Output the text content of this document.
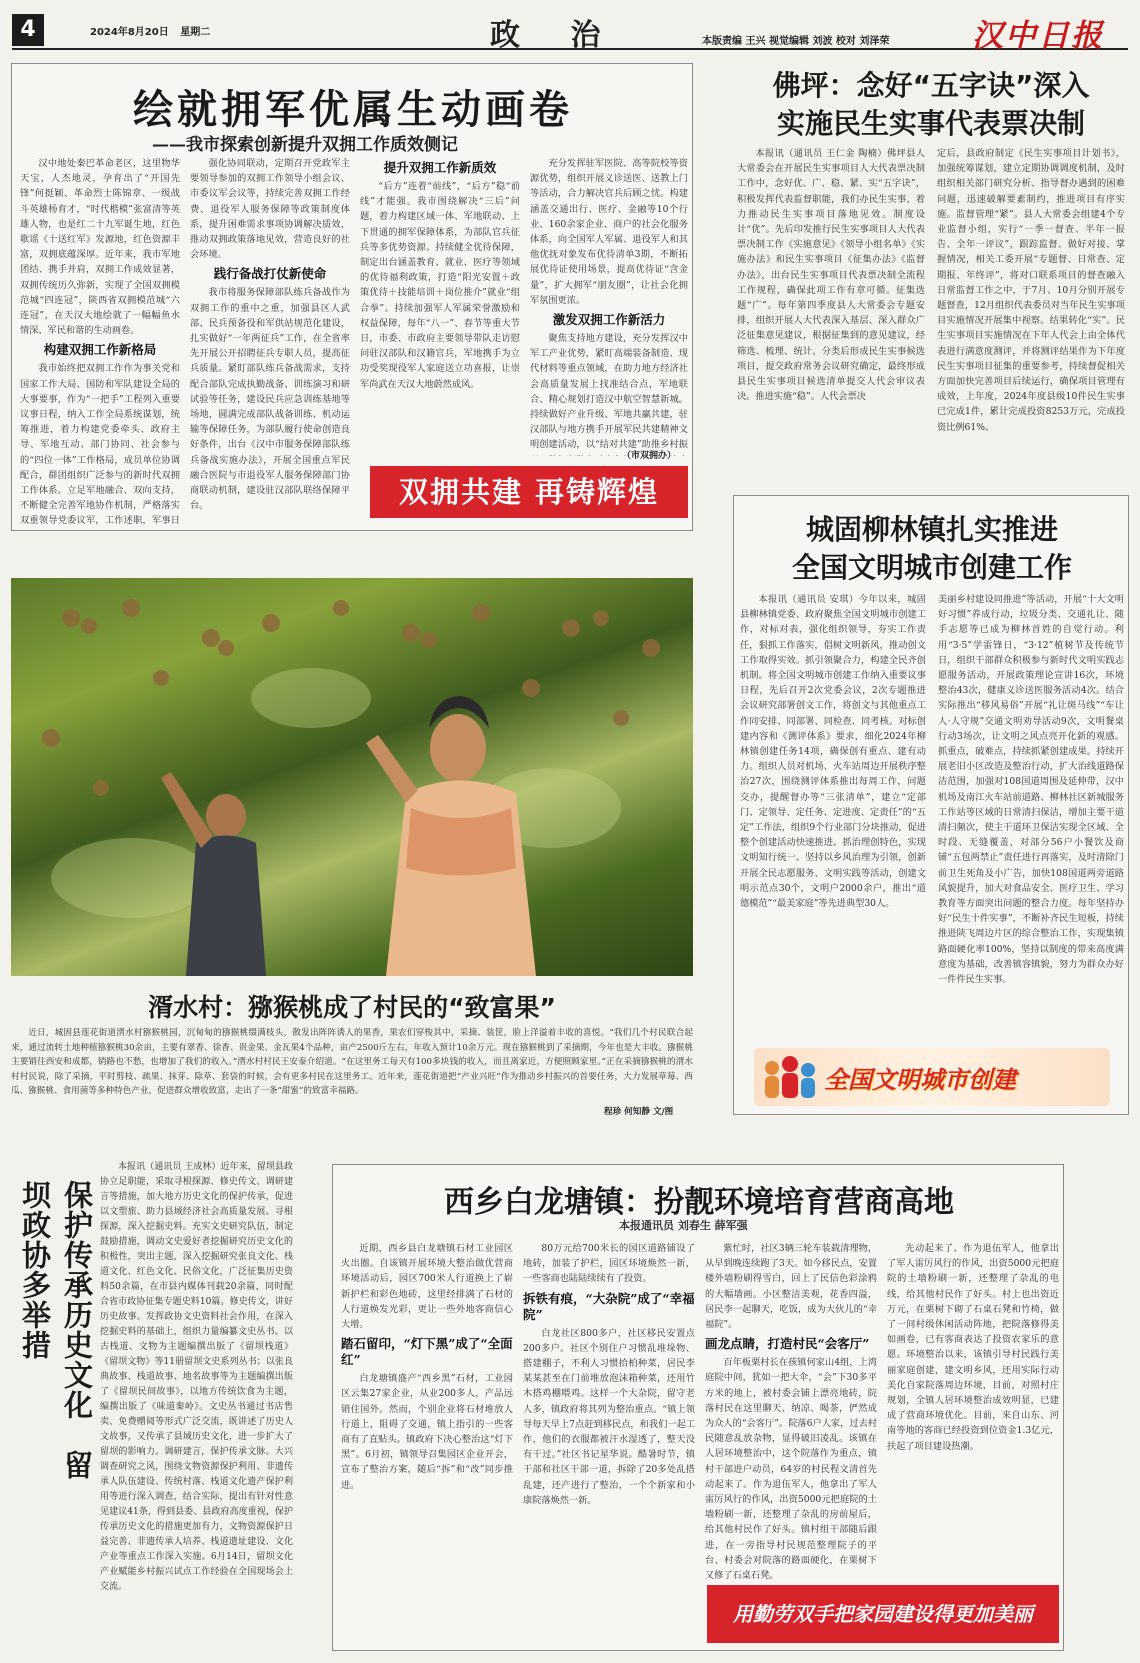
4	2024年8月20日 星期二	政 治	本版责编 王兴 视觉编辑 刘波 校对 刘泽荣	汉中日报
绘就拥军优属生动画卷
——我市探索创新提升双拥工作质效侧记

汉中地处秦巴革命老区，这里物华天宝，人杰地灵，孕育出了“开国先锋”何挺颖、革命烈士陈锦章、一级战斗英雄杨育才，“时代楷模”张富清等英雄人物，也是红二十九军诞生地，红色歌谣《十送红军》发源地，红色资源丰富，双拥底蕴深厚。近年来，我市军地团结、携手并肩，双拥工作成效显著，双拥传统历久弥新，实现了全国双拥模范城“四连冠”，陕西省双拥模范城“六连冠”，在天汉大地绘就了一幅幅鱼水情深、军民和谐的生动画卷。

构建双拥工作新格局

我市始终把双拥工作作为事关党和国家工作大局、国防和军队建设全局的大事要事，作为“一把手”工程列入重要议事日程，纳入工作全局系统谋划，统筹推进，着力构建党委牵头、政府主导、军地互动、部门协同、社会参与的“四位一体”工作格局，成员单位协调配合，群团组织广泛参与的新时代双拥工作体系。立足军地融合、双向支持，不断健全完善军地协作机制，严格落实双重领导党委议军，工作述职，军事日

强化协同联动，定期召开党政军主要领导参加的双拥工作领导小组会议、市委议军会议等，持续完善双拥工作经费、退役军人服务保障等政策制度体系，提升困难需求事项协调解决质效，推动双拥政策落地见效，营造良好的社会环境。

践行备战打仗新使命

我市将服务保障部队练兵备战作为双拥工作的重中之重，加强县区人武部、民兵预备役和军供站规范化建设，扎实做好“一年两征兵”工作，在全省率先开展公开招聘征兵专职人员，提高征兵质量。紧盯部队练兵备战需求，支持配合部队完成执勤战备、训练演习和研试验等任务，建设民兵应急训练基地等场地，圆满完成部队战备训练、机动运输等保障任务，为部队履行使命创造良好条件，出台《汉中市服务保障部队练兵备战实施办法》，开展全国重点军民融合医院与市退役军人服务保障部门协商联动机制，建设驻汉部队联络保障平台。

提升双拥工作新质效

“后方”连着“前线”，“后方”稳“前线”才能强。我市围绕解决“三后”问题，着力构建区域一体、军地联动、上下贯通的拥军保障体系，为部队官兵征兵等多优势资源。持续健全优待保障，制定出台涵盖教育、就业、医疗等领域的优待福利政策，打造“阳光安置＋政策优待＋技能培训＋岗位推介”就业“组合拳”。持续加强军人军属荣誉激励和权益保障，每年“八一”、春节等重大节日，市委、市政府主要领导带队走访慰问驻汉部队和汉籍官兵，军地携手为立功受奖现役军人家庭送立功喜报，让崇军尚武在天汉大地蔚然成风。

充分发挥驻军医院、高等院校等资源优势，组织开展义诊送医、送教上门等活动，合力解决官兵后顾之忧。构建涵盖交通出行、医疗、金融等10个行业、160余家企业、商户的社会化服务体系，向全国军人军属、退役军人和其他优抚对象发布优待清单3期，不断拓展优待证使用场景，提高优待证“含金量”，扩大拥军“朋友圈”，让社会化拥军氛围更浓。

激发双拥工作新活力

聚焦支持地方建设，充分发挥汉中军工产业优势，紧盯高端装备制造、现代材料等重点领域，在助力地方经济社会高质量发展上找准结合点，军地联合、精心规划打造汉中航空智慧新城。持续做好产业升级、军地共赢共建，驻汉部队与地方携手开展军民共建精神文明创建活动，以“结对共建”助推乡村振

（市双拥办）
双拥共建 再铸辉煌
佛坪：念好“五字诀”深入
实施民生实事代表票决制
本报讯（通讯员 王仁金 陶楠）佛坪县人大常委会在开展民生实事项目人大代表票决制工作中，念好优、广、稳、紧、实“五字诀”，积极发挥代表监督职能，我们办民生实事、着力推动民生实事项目落地见效。制度设计“优”。先后印发推行民生实事项目人大代表票决制工作《实施意见》《领导小组名单》《实施办法》和民生实事项目《征集办法》《监督办法》，出台民生实事项目代表票决制全流程工作规程，确保此项工作有章可循。征集选题“广”。每年第四季度县人大常委会专题安排，组织开展人大代表深入基层、深入群众广泛征集意见建议，根据征集到的意见建议，经筛选、梳理、统计、分类后形成民生实事候选项目，提交政府常务会议研究确定，最终形成县民生实事项目候选清单提交人代会审议表决。推进实施“稳”。人代会票决
定后，县政府制定《民生实事项目计划书》，加强统筹谋划，建立定期协调调度机制，及时组织相关部门研究分析、指导督办遇到的困难问题，迅速破解要素制约，推进项目有序实施。监督管理“紧”。县人大常委会组建4个专业监督小组，实行“一季一督查、半年一报告、全年一评议”，跟踪监督、做好对接、掌握情况，相关工委开展“专题督、日常查、定期报、年终评”，将对口联系项目的督查融入日常监督工作之中，于7月、10月分别开展专题督查，12月组织代表委员对当年民生实事项目实施情况开展集中视察。结果转化“实”。民生实事项目实施情况在下年人代会上由全体代表进行满意度测评，并将测评结果作为下年度民生实事项目征集的重要参考，持续督促相关方面加快完善项目后续运行，确保项目管理有成效，上年度，2024年度县级10件民生实事已完成1件，累计完成投资8253万元，完成投资比例61%。
湑水村：猕猴桃成了村民的“致富果”
近日，城固县莲花街道湑水村猕猴桃园，沉甸甸的猕猴桃缀满枝头，散发出阵阵诱人的果香，果农们穿梭其中，采摘、装筐，脸上洋溢着丰收的喜悦。“我们几个村民联合起来，通过流转土地种植猕猴桃30余亩，主要有翠香、徐香、贵金果、金瓦果4个品种，亩产2500斤左右，年收入预计10余万元。现在猕猴桃到了采摘期，今年也是大丰收。猕猴桃主要销往西安和成都，销路也不愁，也增加了我们的收入。”湑水村村民王安泰介绍道。“在这里务工每天有100多块钱的收入，而且离家近，方便照顾家里。”正在采摘猕猴桃的湑水村村民说，除了采摘，平时剪枝、疏果、抹芽、除草、套袋的时候，会有更多村民在这里务工。近年来，莲花街道把“产业兴旺”作为推动乡村振兴的首要任务，大力发展草莓、西瓜、猕猴桃、食用菌等多种特色产业，促进群众增收致富，走出了一条“甜蜜”的致富幸福路。
程珍 何知静 文/图
城固柳林镇扎实推进
全国文明城市创建工作
本报讯（通讯员 安琪）今年以来，城固县柳林镇党委、政府聚焦全国文明城市创建工作，对标对表，强化组织领导，夯实工作责任，狠抓工作落实，倡树文明新风，推动创文工作取得实效。抓引领聚合力，构建全民齐创机制。将全国文明城市创建工作纳入重要议事日程，先后召开2次党委会议，2次专题推进会议研究部署创文工作，将创文与其他重点工作同安排、同部署、同检查、同考核。对标创建内容和《测评体系》要求，细化2024年柳林镇创建任务14项，确保创有重点、建有动力。组织人员对机场、火车站周边开展秩序整治27次，围绕测评体系推出每周工作，问题交办，提醒督办等“三张清单”，建立“定部门、定领导、定任务、定进度、定责任”的“五定”工作法，组织9个行业部门分块推动，促进整个创建活动快速推进。抓治理创特色，实现文明知行统一。坚持以乡风治理为引领，创新开展全民志愿服务、文明实践等活动，创建文明示范点30个，文明户2000余户，推出“道德模范”“最美家庭”等先进典型30人。
美丽乡村建设同推进”等活动，开展“十大文明好习惯”养成行动，垃圾分类、交通礼让、随手志愿等已成为柳林首姓的自觉行动。利用“3·5”学雷锋日，“3·12”植树节及传统节日，组织干部群众积极参与新时代文明实践志愿服务活动，开展政策理论宣讲16次，环境整治43次，健康义诊送医服务活动4次。结合实际推出“移风易俗”开展“礼让斑马线”“车让人·人守规”交通文明劝导活动9次，文明餐桌行动3场次，让文明之风点亮开化新的观感。抓重点，破难点，持续抓紧创建成果。持续开展老旧小区改造及整治行动，扩大治线道路保洁范围，加强对108国道周围及延伸带，汉中机场及南江火车站前道路、柳林社区新城服务工作站等区域的日常清扫保洁，增加主要干道清扫频次，使主干道环卫保洁实现全区域、全时段、无缝覆盖，对部分56户小餐饮及商铺“五包两禁止”责任进行再落实，及时清除门前卫生死角及小广告，加快108国道两旁道路风貌提升，加大对食品安全、医疗卫生、学习教育等方面突出问题的整合力度。每年坚持办好“民生十件实事”，不断补齐民生短板，持续推进陕飞周边片区的综合整治工作，实现集镇路面硬化率100%，坚持以制度的带来高度满意度为基础，改善镇容镇貌，努力为群众办好一件件民生实事。
全国文明城市创建
保护传承历史文化　留坝政协多举措
本报讯（通讯员 王成林）近年来，留坝县政协立足职能，采取寻根探源、修史传文、调研建言等措施，加大地方历史文化的保护传承，促进以文塑旅、助力县域经济社会高质量发展。寻根探源，深入挖掘史料。充实文史研究队伍，制定鼓励措施，调动文史爱好者挖掘研究历史文化的积极性，突出主题，深入挖掘研究张良文化、栈道文化、红色文化、民俗文化，广泛征集历史资料50余篇，在市县内媒体刊载20余篇，同时配合省市政协征集专题史料10篇。修史传文，讲好历史故事。发挥政协文史资料社会作用，在深入挖掘史料的基础上，组织力量编纂文史丛书。以古栈道、文物为主题编撰出版了《留坝栈道》《留坝文物》等11册留坝文史系列丛书；以张良典故事、栈道故事、地名故事等为主题编撰出版了《留坝民间故事》，以地方传统饮食为主题，编撰出版了《味道秦岭》。文史丛书通过书店售卖、免费赠阅等形式广泛交流，既讲述了历史人文故事，又传承了县域历史文化，进一步扩大了留坝的影响力。调研建言，保护传承文脉。大兴调查研究之风，围绕文物资源保护利用、非遗传承人队伍建设、传统村落、栈道文化遗产保护利用等进行深入调查，结合实际，提出有针对性意见建议41条，得到县委、县政府高度重视，保护传承历史文化的措施更加有力，文物资源保护日益完善、非遗传承人培养、栈道遗址建设、文化产业等重点工作深入实施。6月14日，留坝文化产业赋能乡村振兴试点工作经验在全国现场会上交流。
西乡白龙塘镇：扮靓环境培育营商高地
本报通讯员 刘春生 薛军强

近期，西乡县白龙塘镇石材工业园区火出圈。自该镇开展环境大整治做优营商环境活动后，园区700米人行道换上了崭新护栏和彩色地砖，这里经排满了石材的人行道焕发光彩，更让一些外地客商信心大增。

踏石留印，“灯下黑”成了“全面红”

白龙塘镇盛产“西乡黑”石材，工业园区云集27家企业，从业200多人，产品远销住国外。然而，个别企业将石材堆放人行道上，阻碍了交通，镇上指引的一些客商有了直贴头。镇政府下决心整治这“灯下黑”。6月初，镇领导召集园区企业开会，宣布了整治方案，随后“拆”和“改”同步推进。

80万元给700米长的园区道路铺设了地砖，加装了护栏，园区环境焕然一新，一些客商也陆陆续续有了投资。

拆铁有痕，“大杂院”成了“幸福院”

白龙社区800多户，社区移民安置点200多户。社区个别住户习惯乱堆垛物、搭建棚子，不利人习惯拾柏种菜，居民李某某甚至在门前堆放泡沫箱种菜，还用竹木搭鸡棚喂鸡。这样一个大杂院，留守老人多，镇政府将其列为整治重点。“镇上领导每天早上7点赶到移民点，和我们一起工作，他们的衣服都被汗水湿透了，整天没有干过。”社区书记星华说。酷暑时节，镇干部和社区干部一道，拆除了20多处乱搭乱建，还产进行了整治，一个个新家和小康院落焕然一新。

紫忙时，社区3辆三轮车装载清理物，从早到晚连续跑了3天。如今移民点，安置楼外墙粉刷得雪白，回上了民信色彩涂鸦的大幅墙画。小区整洁美观，花香四溢，居民李一起聊天，吃饭，成为大伙儿的“幸福院”。

画龙点睛，打造村民“会客厅”

百年板栗村长在孩镇何家山4组，上湾庭院中间，犹如一把大伞，“会”下30多平方米的地上，被村委会铺上漂亮地砖，院落村民在这里聊天、纳凉、喝茶，俨然成为众人的“会客厅”。院落6户人家，过去村民随意乱放杂物，显得破旧凌乱。该镇在人居环境整治中，这个院落作为重点，镇村干部进户动员，64岁的村民程文清首先动起来了。作为退伍军人，他拿出了军人雷厉风行的作风，出资5000元把庭院的土墙粉刷一新，还整理了杂乱的房前屋后，给其他村民作了好头。镇村组干部随后跟进，在一旁指导村民规范整理院子的平台、村委会对院落的路面硬化，在栗树下又修了石桌石凳。

先动起来了。作为退伍军人，他拿出了军人雷厉风行的作风，出资5000元把庭院的土墙粉刷一新，还整理了杂乱的电线，给其他村民作了好头。村上也出资近万元，在栗树下砌了石桌石凳和竹椅，做了一间村级休闲活动阵地，把院落修得美如画卷，已有客商表达了投资农家乐的意愿。环境整治以来，该镇引导村民践行美丽家庭创建，建文明乡风，还用实际行动美化自家院落周边环境，目前，对照村庄规划，全镇人居环境整治成效明显，已建成了营商环境优化。目前，来自山东、河南等地的客商已经投资到位资金1.3亿元，扶起了项目建设热潮。

用勤劳双手把家园建设得更加美丽
